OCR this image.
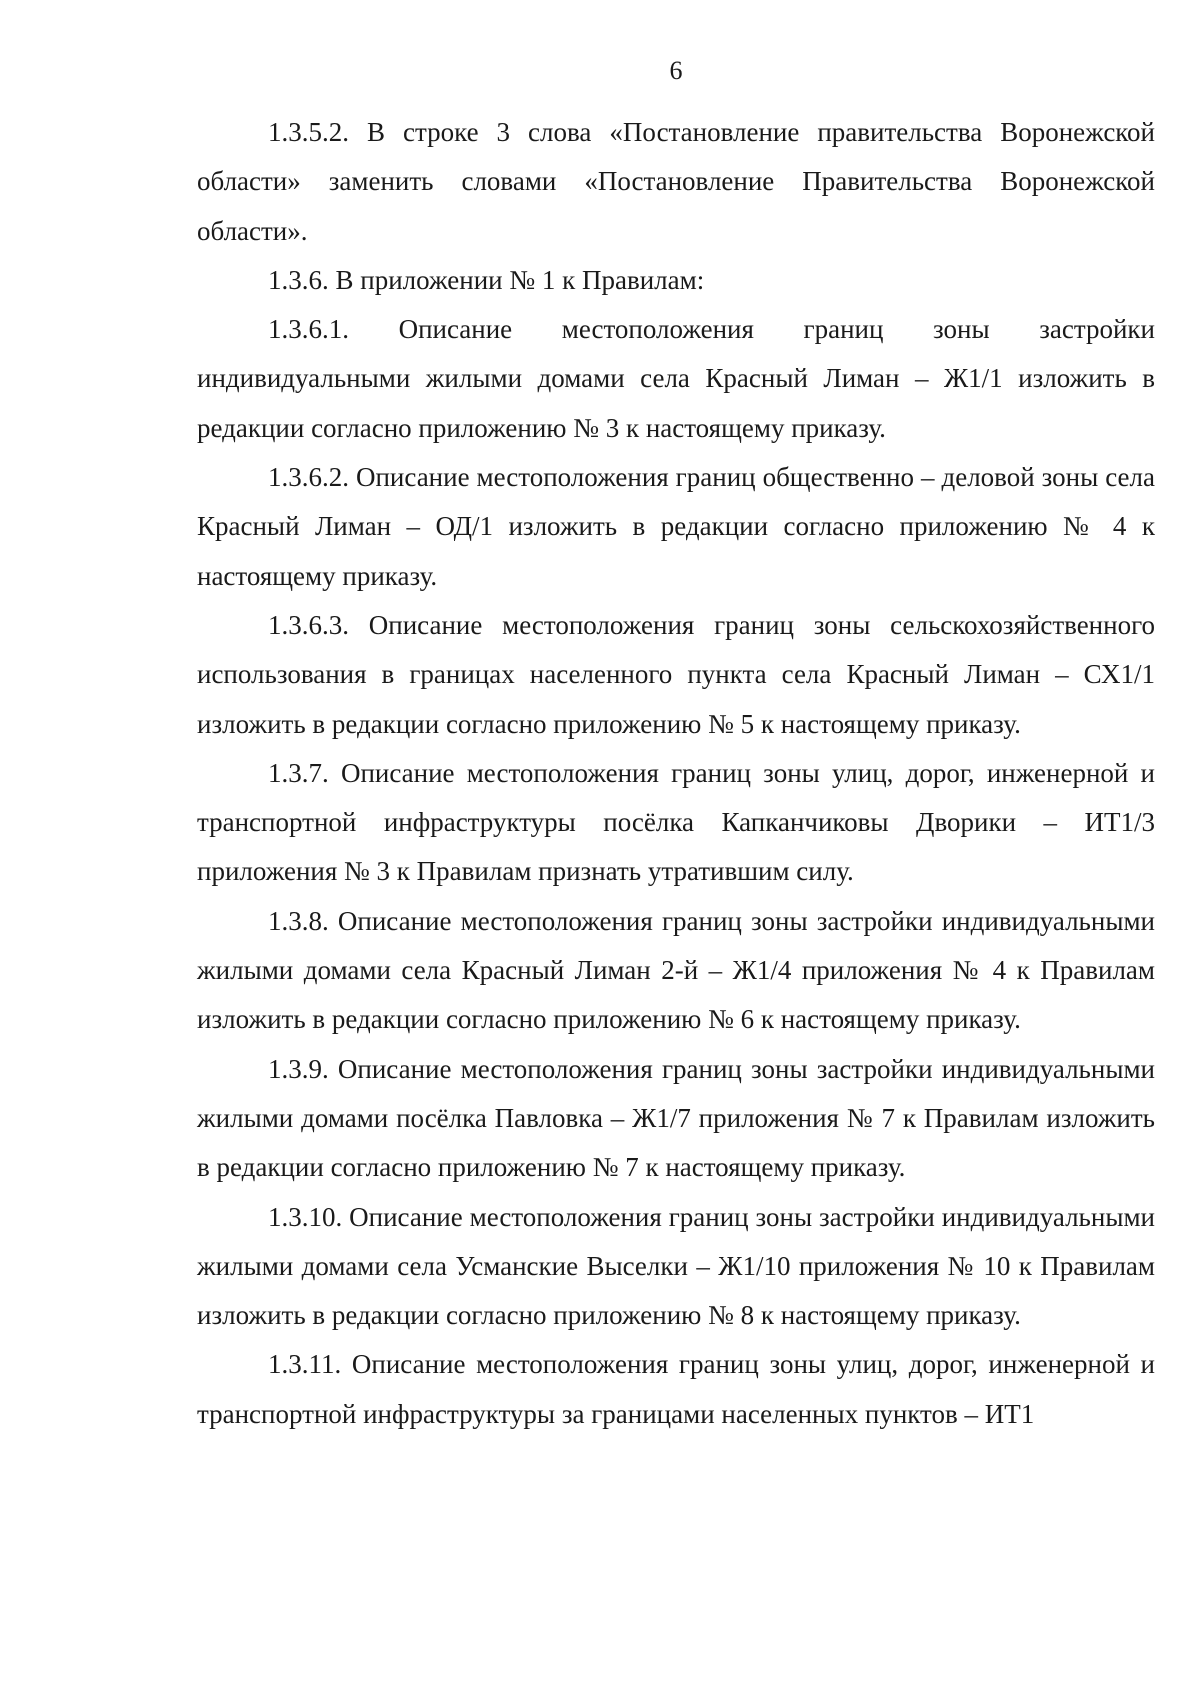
6

1.3.5.2. В строке 3 слова «Постановление правительства Воронежской области» заменить словами «Постановление Правительства Воронежской области».

1.3.6. В приложении № 1 к Правилам:

1.3.6.1. Описание местоположения границ зоны застройки индивидуальными жилыми домами села Красный Лиман – Ж1/1 изложить в редакции согласно приложению № 3 к настоящему приказу.

1.3.6.2. Описание местоположения границ общественно – деловой зоны села Красный Лиман – ОД/1 изложить в редакции согласно приложению № 4 к настоящему приказу.

1.3.6.3. Описание местоположения границ зоны сельскохозяйственного использования в границах населенного пункта села Красный Лиман – СХ1/1 изложить в редакции согласно приложению № 5 к настоящему приказу.

1.3.7. Описание местоположения границ зоны улиц, дорог, инженерной и транспортной инфраструктуры посёлка Капканчиковы Дворики – ИТ1/3 приложения № 3 к Правилам признать утратившим силу.

1.3.8. Описание местоположения границ зоны застройки индивидуальными жилыми домами села Красный Лиман 2-й – Ж1/4 приложения № 4 к Правилам изложить в редакции согласно приложению № 6 к настоящему приказу.

1.3.9. Описание местоположения границ зоны застройки индивидуальными жилыми домами посёлка Павловка – Ж1/7 приложения № 7 к Правилам изложить в редакции согласно приложению № 7 к настоящему приказу.

1.3.10. Описание местоположения границ зоны застройки индивидуальными жилыми домами села Усманские Выселки – Ж1/10 приложения № 10 к Правилам изложить в редакции согласно приложению № 8 к настоящему приказу.

1.3.11. Описание местоположения границ зоны улиц, дорог, инженерной и транспортной инфраструктуры за границами населенных пунктов – ИТ1
